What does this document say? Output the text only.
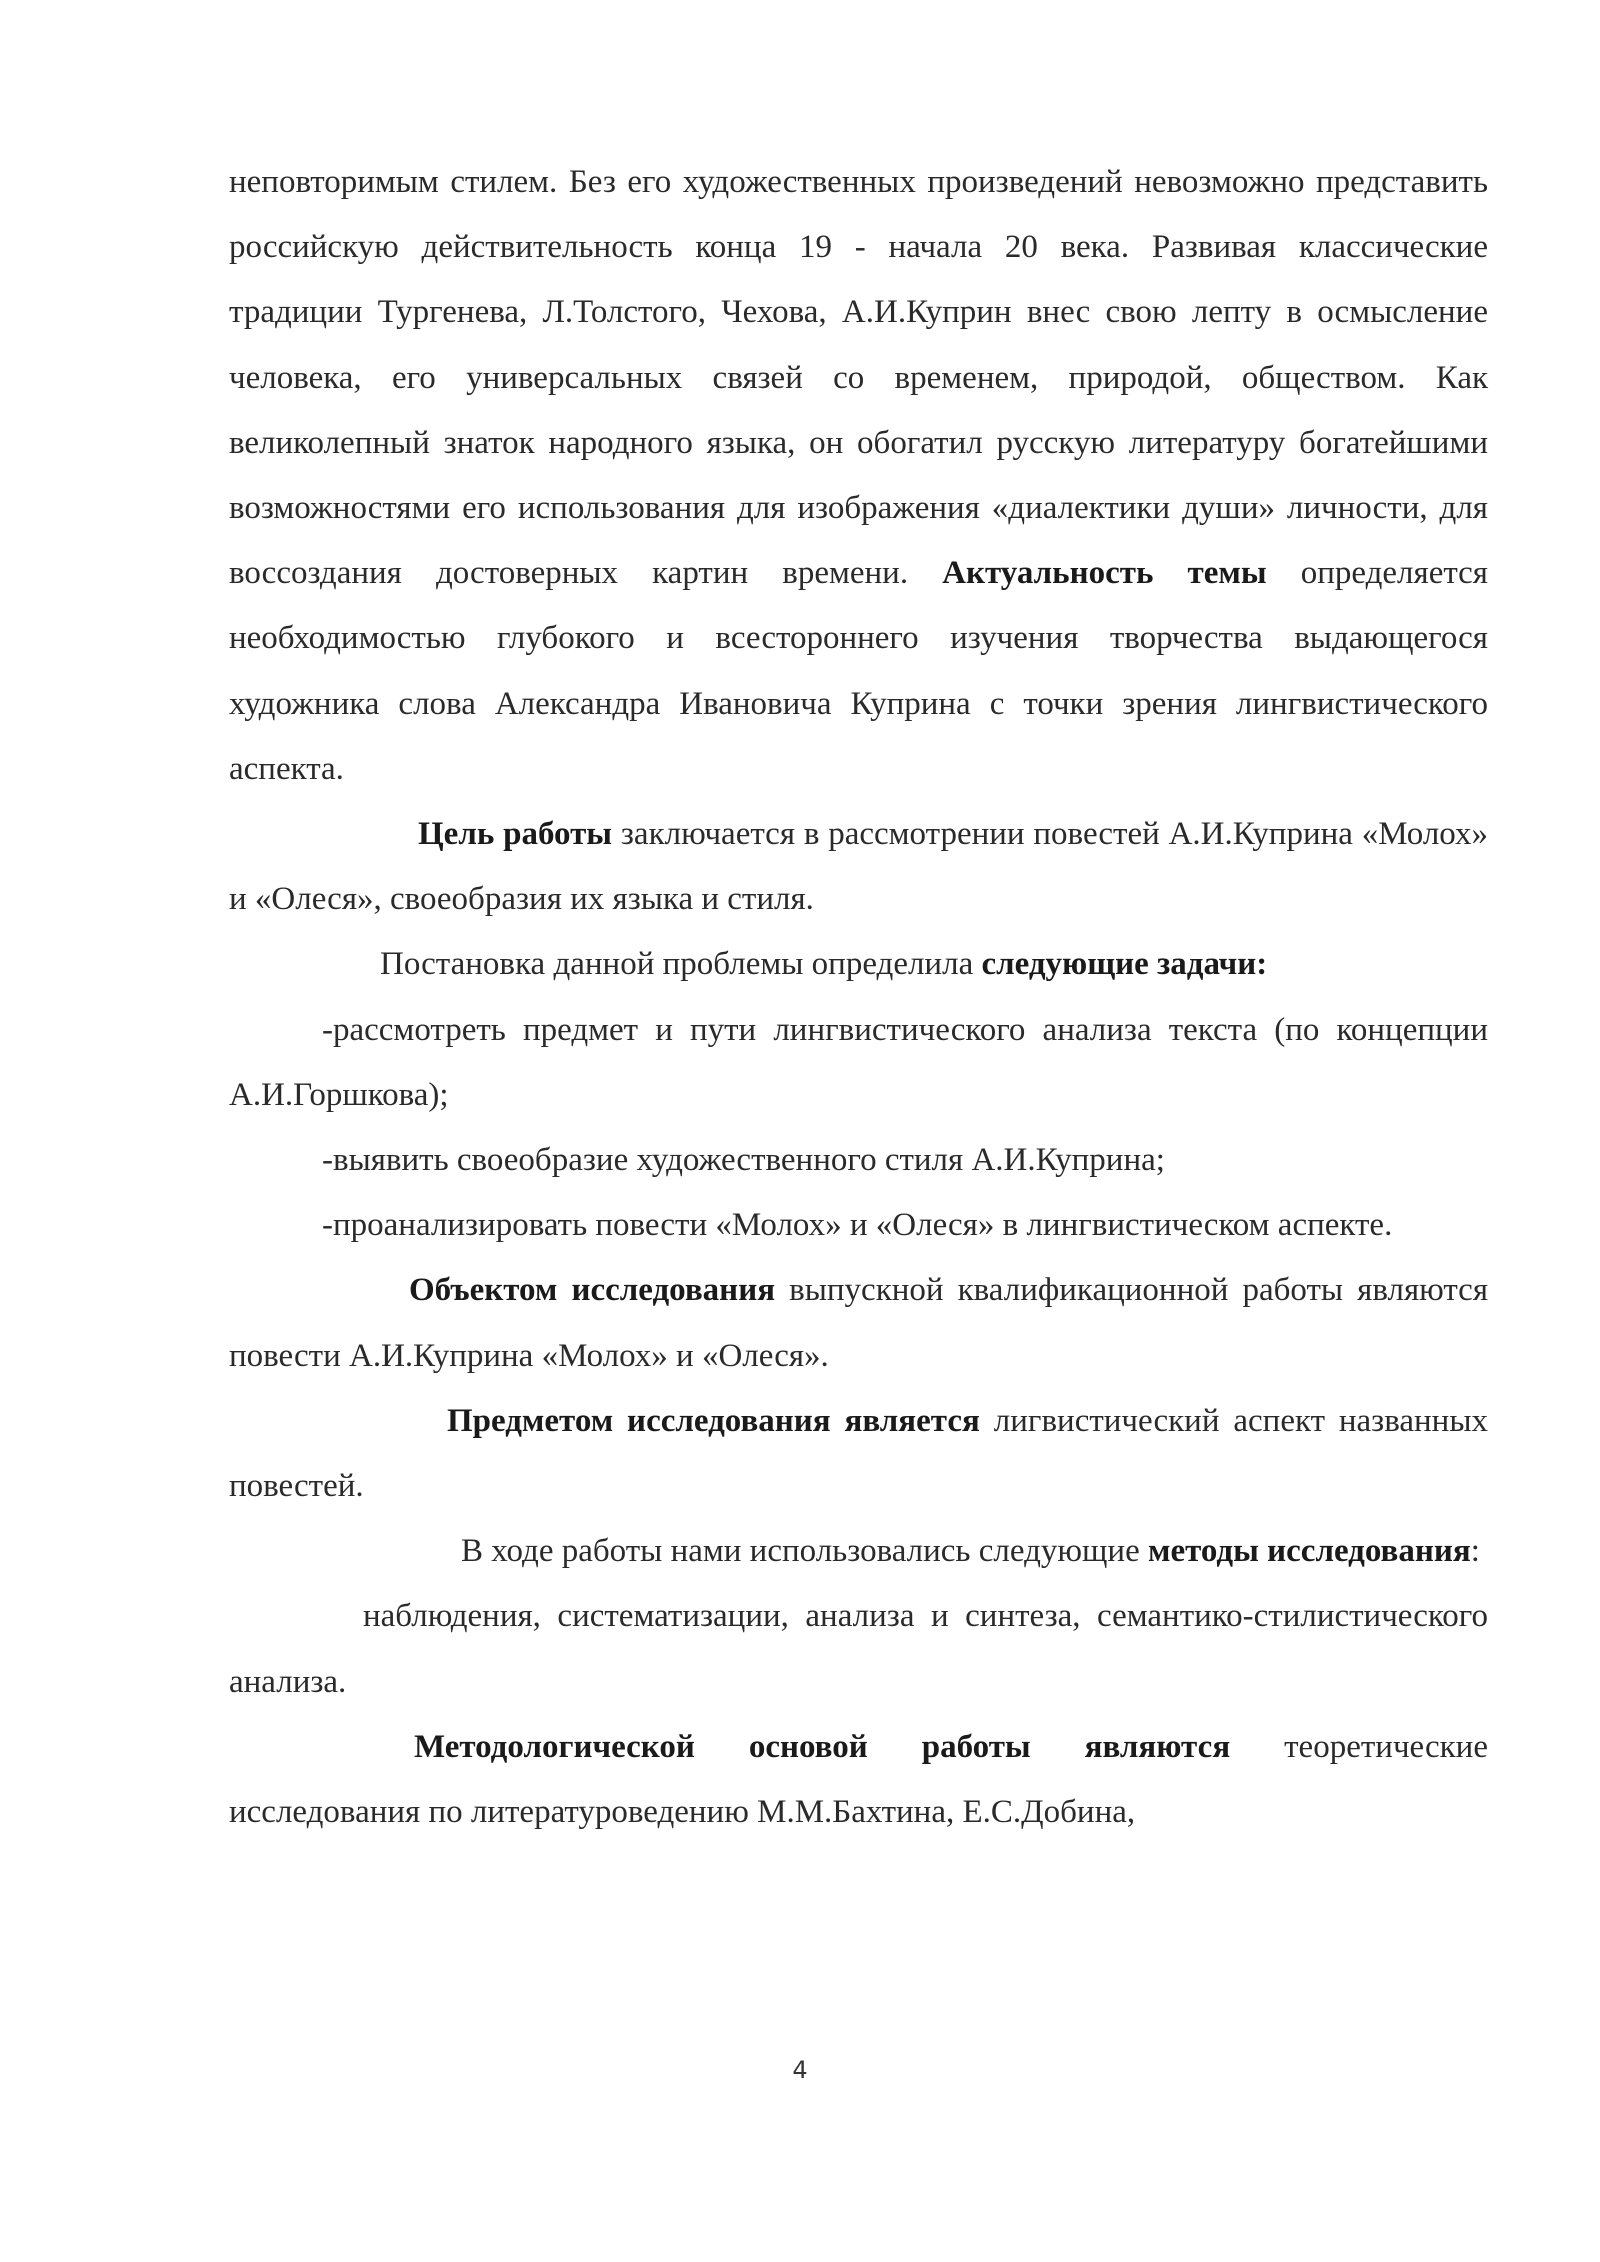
неповторимым стилем. Без его художественных произведений невозможно представить российскую действительность конца 19 - начала 20 века. Развивая классические традиции Тургенева, Л.Толстого, Чехова, А.И.Куприн внес свою лепту в осмысление человека, его универсальных связей со временем, природой, обществом. Как великолепный знаток народного языка, он обогатил русскую литературу богатейшими возможностями его использования для изображения «диалектики души» личности, для воссоздания достоверных картин времени. Актуальность темы определяется необходимостью глубокого и всестороннего изучения творчества выдающегося художника слова Александра Ивановича Куприна с точки зрения лингвистического аспекта.

Цель работы заключается в рассмотрении повестей А.И.Куприна «Молох» и «Олеся», своеобразия их языка и стиля.

Постановка данной проблемы определила следующие задачи:

-рассмотреть предмет и пути лингвистического анализа текста (по концепции А.И.Горшкова);

-выявить своеобразие художественного стиля А.И.Куприна;

-проанализировать повести «Молох» и «Олеся» в лингвистическом аспекте.

Объектом исследования выпускной квалификационной работы являются повести А.И.Куприна «Молох» и «Олеся».

Предметом исследования является лигвистический аспект названных повестей.

В ходе работы нами использовались следующие методы исследования:

наблюдения, систематизации, анализа и синтеза, семантико-стилистического анализа.

Методологической основой работы являются теоретические исследования по литературоведению М.М.Бахтина, Е.С.Добина,

4
